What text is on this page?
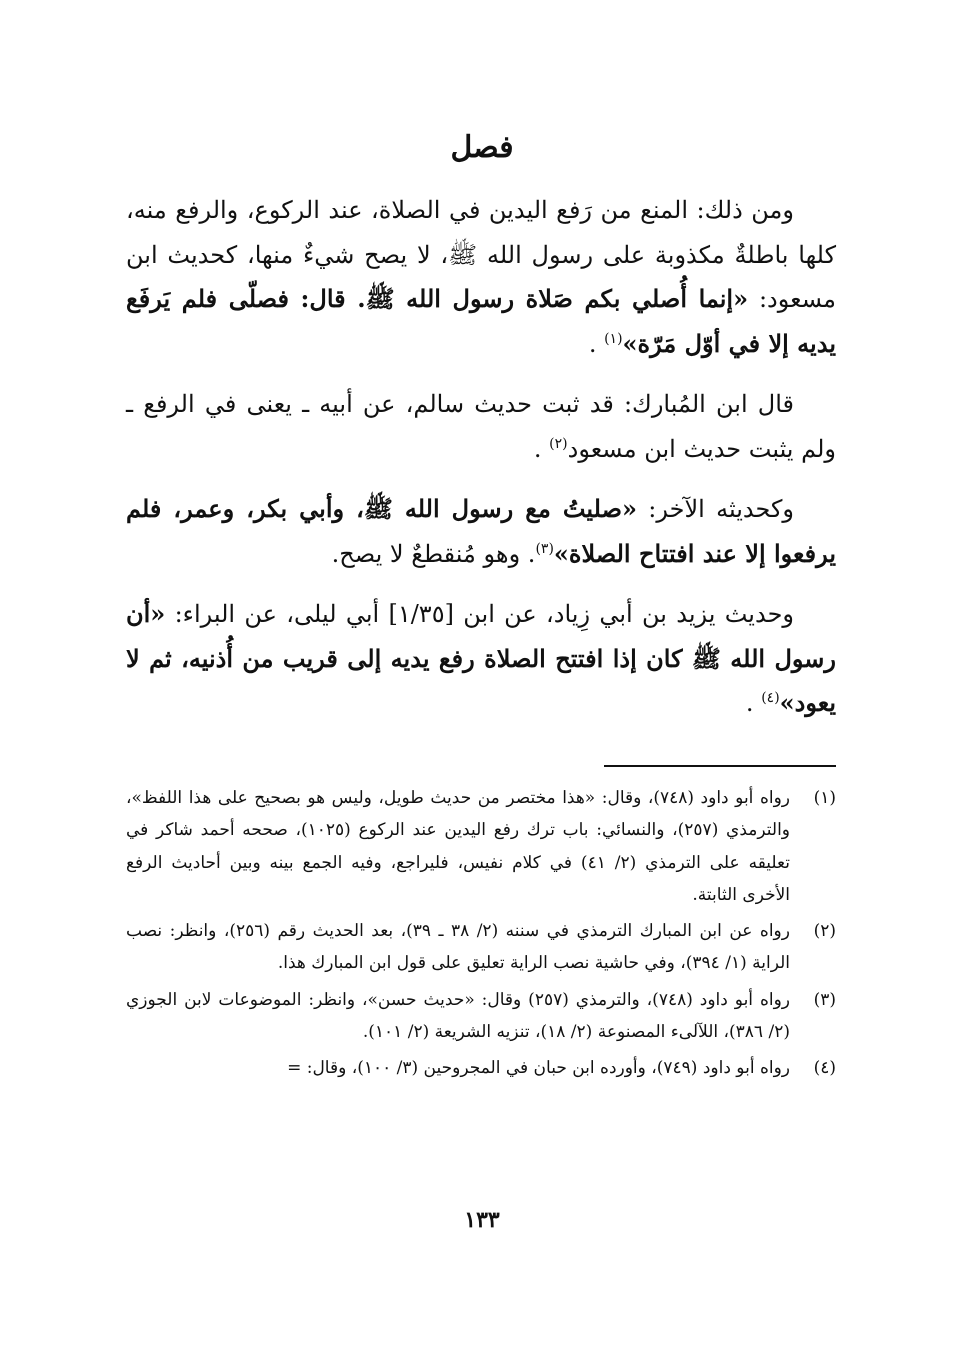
فصل

ومن ذلك: المنع من رَفع اليدين في الصلاة، عند الركوع، والرفع منه، كلها باطلةٌ مكذوبة على رسول الله ﷺ، لا يصح شيءٌ منها، كحديث ابن مسعود: «إنما أُصلي بكم صَلاة رسول الله ﷺ. قال: فصلّى فلم يَرفَع يديه إلا في أوّل مَرّة»$^{(١)}$ .

قال ابن المُبارك: قد ثبت حديث سالم، عن أبيه ـ يعنى في الرفع ـ ولم يثبت حديث ابن مسعود$^{(٢)}$ .

وكحديثه الآخر: «صليتُ مع رسول الله ﷺ، وأبي بكر، وعمر، فلم يرفعوا إلا عند افتتاح الصلاة»$^{(٣)}$. وهو مُنقطعٌ لا يصح.

وحديث يزيد بن أبي زِياد، عن ابن [١/٣٥] أبي ليلى، عن البراء: «أن رسول الله ﷺ كان إذا افتتح الصلاة رفع يديه إلى قريب من أُذنيه، ثم لا يعود»$^{(٤)}$ .

(١)
رواه أبو داود (٧٤٨)، وقال: «هذا مختصر من حديث طويل، وليس هو بصحيح على هذا اللفظ»، والترمذي (٢٥٧)، والنسائي: باب ترك رفع اليدين عند الركوع (١٠٢٥)، صححه أحمد شاكر في تعليقه على الترمذي (٢/ ٤١) في كلام نفيس، فليراجع، وفيه الجمع بينه وبين أحاديث الرفع الأخرى الثابتة.
(٢)
رواه عن ابن المبارك الترمذي في سننه (٢/ ٣٨ ـ ٣٩)، بعد الحديث رقم (٢٥٦)، وانظر: نصب الراية (١/ ٣٩٤)، وفي حاشية نصب الراية تعليق على قول ابن المبارك هذا.
(٣)
رواه أبو داود (٧٤٨)، والترمذي (٢٥٧) وقال: «حديث حسن»، وانظر: الموضوعات لابن الجوزي (٢/ ٣٨٦)، اللآلىء المصنوعة (٢/ ١٨)، تنزيه الشريعة (٢/ ١٠١).
(٤)
رواه أبو داود (٧٤٩)، وأورده ابن حبان في المجروحين (٣/ ١٠٠)، وقال: =
١٣٣
